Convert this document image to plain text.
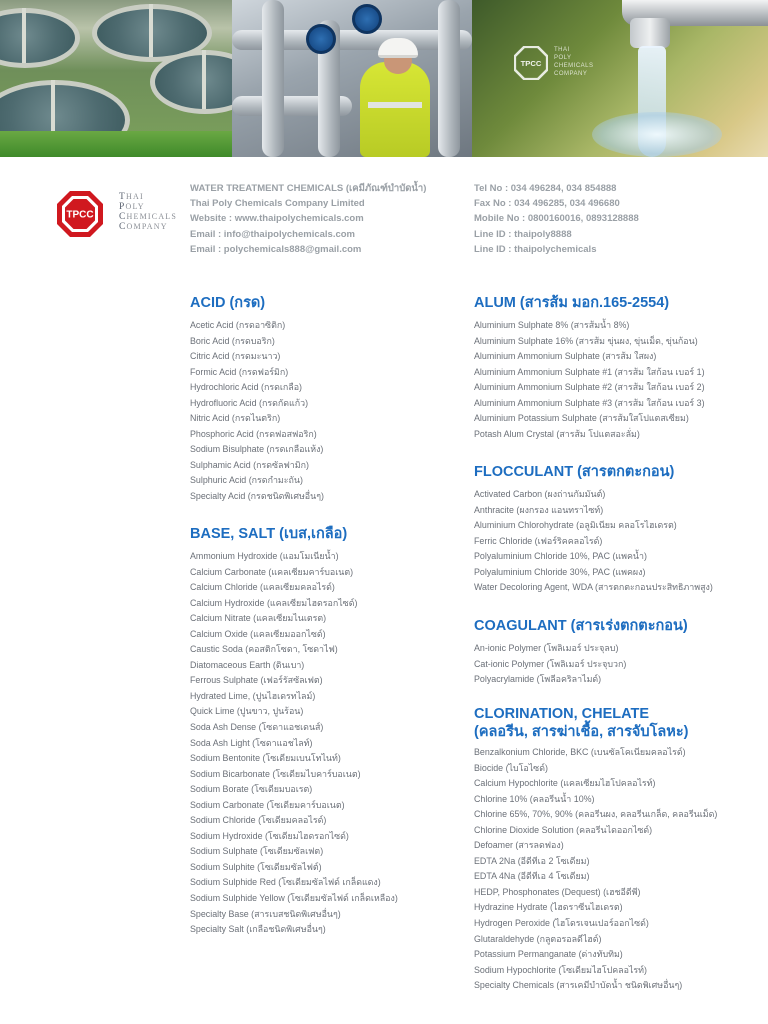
TPCC
THAI
POLY
CHEMICALS
COMPANY
TPCC
THAI
POLY
CHEMICALS
COMPANY
WATER TREATMENT CHEMICALS (เคมีภัณฑ์บำบัดน้ำ)
Thai Poly Chemicals Company Limited
Website : www.thaipolychemicals.com
Email : info@thaipolychemicals.com
Email : polychemicals888@gmail.com
Tel No : 034 496284, 034 854888
Fax No : 034 496285, 034 496680
Mobile No : 0800160016, 0893128888
Line ID : thaipoly8888
Line ID : thaipolychemicals
ACID (กรด)
Acetic Acid (กรดอาซิติก)
Boric Acid (กรดบอริก)
Citric Acid (กรดมะนาว)
Formic Acid (กรดฟอร์มิก)
Hydrochloric Acid (กรดเกลือ)
Hydrofluoric Acid (กรดกัดแก้ว)
Nitric Acid (กรดไนตริก)
Phosphoric Acid (กรดฟอสฟอริก)
Sodium Bisulphate (กรดเกลือแห้ง)
Sulphamic Acid (กรดซัลฟามิก)
Sulphuric Acid (กรดกำมะถัน)
Specialty Acid (กรดชนิดพิเศษอื่นๆ)
BASE, SALT (เบส,เกลือ)
Ammonium Hydroxide (แอมโมเนียน้ำ)
Calcium Carbonate (แคลเซียมคาร์บอเนต)
Calcium Chloride (แคลเซียมคลอไรด์)
Calcium Hydroxide (แคลเซียมไฮดรอกไซด์)
Calcium Nitrate (แคลเซียมไนเตรต)
Calcium Oxide (แคลเซียมออกไซด์)
Caustic Soda (คอสติกโซดา, โซดาไฟ)
Diatomaceous Earth (ดินเบา)
Ferrous Sulphate (เฟอร์รัสซัลเฟต)
Hydrated Lime, (ปูนไฮเดรทไลม์)
Quick Lime (ปูนขาว, ปูนร้อน)
Soda Ash Dense (โซดาแอชเดนส์)
Soda Ash Light (โซดาแอชไลท์)
Sodium Bentonite (โซเดียมเบนโทไนท์)
Sodium Bicarbonate (โซเดียมไบคาร์บอเนต)
Sodium Borate (โซเดียมบอเรต)
Sodium Carbonate (โซเดียมคาร์บอเนต)
Sodium Chloride (โซเดียมคลอไรด์)
Sodium Hydroxide (โซเดียมไฮดรอกไซด์)
Sodium Sulphate (โซเดียมซัลเฟต)
Sodium Sulphite (โซเดียมซัลไฟต์)
Sodium Sulphide Red (โซเดียมซัลไฟด์ เกล็ดแดง)
Sodium Sulphide Yellow (โซเดียมซัลไฟด์ เกล็ดเหลือง)
Specialty Base (สารเบสชนิดพิเศษอื่นๆ)
Specialty Salt (เกลือชนิดพิเศษอื่นๆ)
ALUM (สารส้ม มอก.165-2554)
Aluminium Sulphate 8% (สารส้มน้ำ 8%)
Aluminium Sulphate 16% (สารส้ม ขุ่นผง, ขุ่นเม็ด, ขุ่นก้อน)
Aluminium Ammonium Sulphate (สารส้ม ใสผง)
Aluminium Ammonium Sulphate #1 (สารส้ม ใสก้อน เบอร์ 1)
Aluminium Ammonium Sulphate #2 (สารส้ม ใสก้อน เบอร์ 2)
Aluminium Ammonium Sulphate #3 (สารส้ม ใสก้อน เบอร์ 3)
Aluminium Potassium Sulphate (สารส้มใสโปแตสเซียม)
Potash Alum Crystal (สารส้ม โปแตสอะลั่ม)
FLOCCULANT (สารตกตะกอน)
Activated Carbon (ผงถ่านกัมมันต์)
Anthracite (ผงกรอง แอนทราไซท์)
Aluminium Chlorohydrate (อลูมิเนียม คลอโรไฮเดรต)
Ferric Chloride (เฟอร์ริคคลอไรด์)
Polyaluminium Chloride 10%, PAC (แพคน้ำ)
Polyaluminium Chloride 30%, PAC (แพคผง)
Water Decoloring Agent, WDA (สารตกตะกอนประสิทธิภาพสูง)
COAGULANT (สารเร่งตกตะกอน)
An-ionic Polymer (โพลิเมอร์ ประจุลบ)
Cat-ionic Polymer (โพลิเมอร์ ประจุบวก)
Polyacrylamide (โพลีอคริลาไมด์)
CLORINATION, CHELATE
(คลอรีน, สารฆ่าเชื้อ, สารจับโลหะ)
Benzalkonium Chloride, BKC (เบนซัลโคเนียมคลอไรด์)
Biocide (ไบโอไซด์)
Calcium Hypochlorite (แคลเซียมไฮโปคลอไรท์)
Chlorine 10% (คลอรีนน้ำ 10%)
Chlorine 65%, 70%, 90% (คลอรีนผง, คลอรีนเกล็ด, คลอรีนเม็ด)
Chlorine Dioxide Solution (คลอรีนไดออกไซด์)
Defoamer (สารลดฟอง)
EDTA 2Na (อีดีทีเอ 2 โซเดียม)
EDTA 4Na (อีดีทีเอ 4 โซเดียม)
HEDP, Phosphonates (Dequest) (เฮชอีดีพี)
Hydrazine Hydrate (ไฮดราซีนไฮเดรต)
Hydrogen Peroxide (ไฮโดรเจนเปอร์ออกไซด์)
Glutaraldehyde (กลูตอรอลดีไฮด์)
Potassium Permanganate (ด่างทับทิม)
Sodium Hypochlorite (โซเดียมไฮโปคลอไรท์)
Specialty Chemicals (สารเคมีบำบัดน้ำ ชนิดพิเศษอื่นๆ)
